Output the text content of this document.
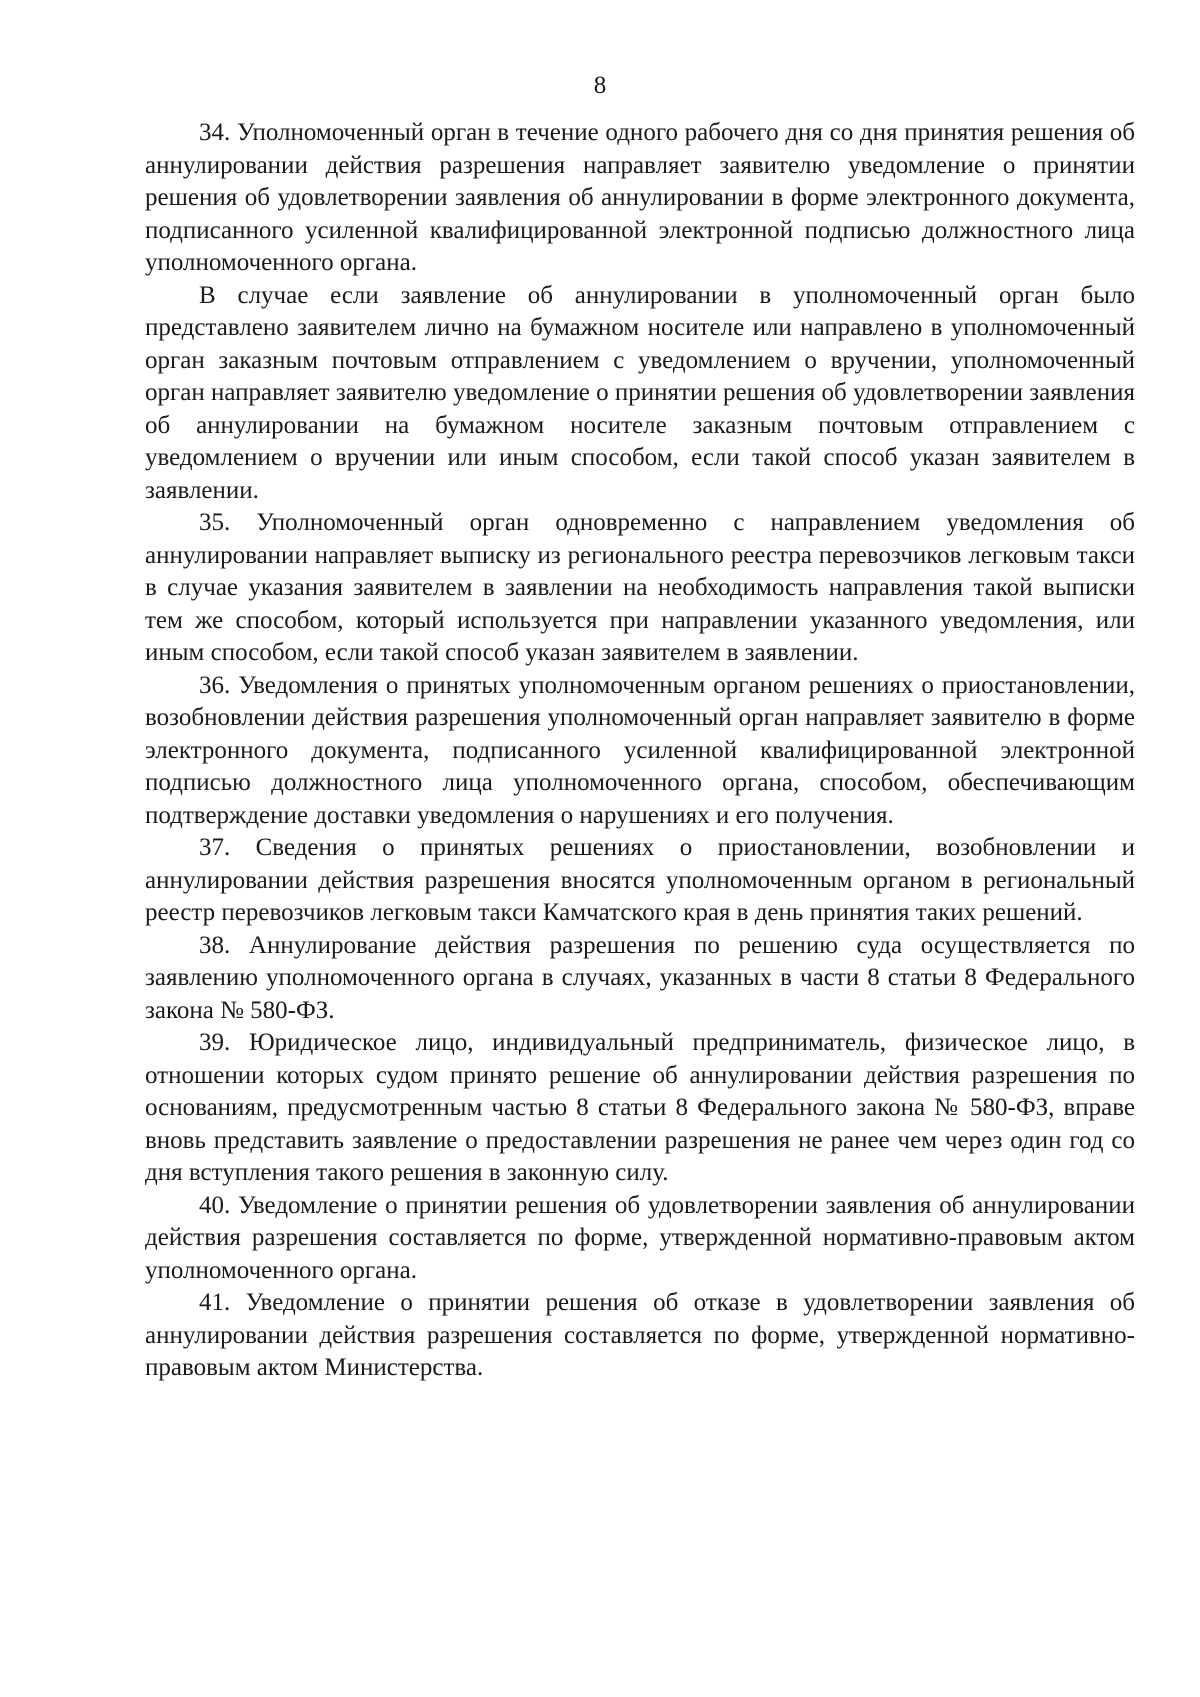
8

34. Уполномоченный орган в течение одного рабочего дня со дня принятия решения об аннулировании действия разрешения направляет заявителю уведомление о принятии решения об удовлетворении заявления об аннулировании в форме электронного документа, подписанного усиленной квалифицированной электронной подписью должностного лица уполномоченного органа.

В случае если заявление об аннулировании в уполномоченный орган было представлено заявителем лично на бумажном носителе или направлено в уполномоченный орган заказным почтовым отправлением с уведомлением о вручении, уполномоченный орган направляет заявителю уведомление о принятии решения об удовлетворении заявления об аннулировании на бумажном носителе заказным почтовым отправлением с уведомлением о вручении или иным способом, если такой способ указан заявителем в заявлении.

35. Уполномоченный орган одновременно с направлением уведомления об аннулировании направляет выписку из регионального реестра перевозчиков легковым такси в случае указания заявителем в заявлении на необходимость направления такой выписки тем же способом, который используется при направлении указанного уведомления, или иным способом, если такой способ указан заявителем в заявлении.

36. Уведомления о принятых уполномоченным органом решениях о приостановлении, возобновлении действия разрешения уполномоченный орган направляет заявителю в форме электронного документа, подписанного усиленной квалифицированной электронной подписью должностного лица уполномоченного органа, способом, обеспечивающим подтверждение доставки уведомления о нарушениях и его получения.

37. Сведения о принятых решениях о приостановлении, возобновлении и аннулировании действия разрешения вносятся уполномоченным органом в региональный реестр перевозчиков легковым такси Камчатского края в день принятия таких решений.

38. Аннулирование действия разрешения по решению суда осуществляется по заявлению уполномоченного органа в случаях, указанных в части 8 статьи 8 Федерального закона № 580-ФЗ.

39. Юридическое лицо, индивидуальный предприниматель, физическое лицо, в отношении которых судом принято решение об аннулировании действия разрешения по основаниям, предусмотренным частью 8 статьи 8 Федерального закона № 580-ФЗ, вправе вновь представить заявление о предоставлении разрешения не ранее чем через один год со дня вступления такого решения в законную силу.

40. Уведомление о принятии решения об удовлетворении заявления об аннулировании действия разрешения составляется по форме, утвержденной нормативно-правовым актом уполномоченного органа.

41. Уведомление о принятии решения об отказе в удовлетворении заявления об аннулировании действия разрешения составляется по форме, утвержденной нормативно-правовым актом Министерства.
